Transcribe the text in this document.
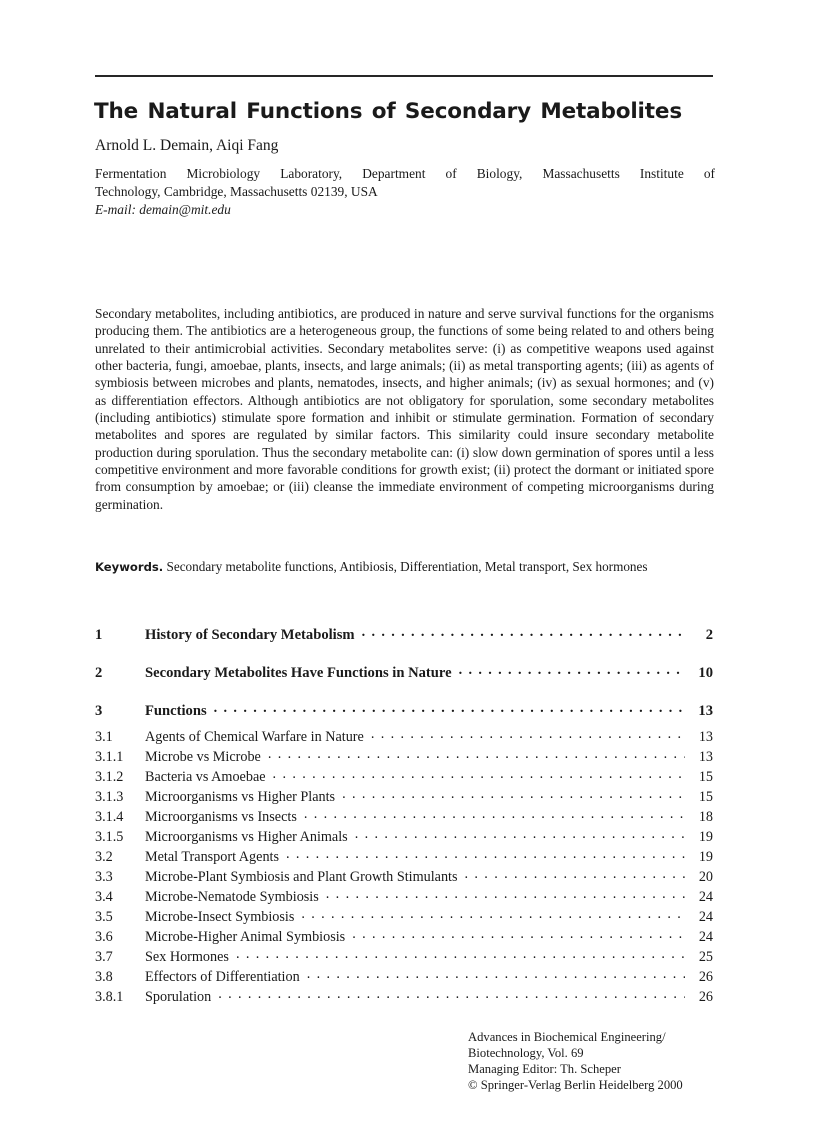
The Natural Functions of Secondary Metabolites
Arnold L. Demain, Aiqi Fang
Fermentation Microbiology Laboratory, Department of Biology, Massachusetts Institute of
Technology, Cambridge, Massachusetts 02139, USA
E-mail: demain@mit.edu
Secondary metabolites, including antibiotics, are produced in nature and serve survival functions for the organisms producing them. The antibiotics are a heterogeneous group, the functions of some being related to and others being unrelated to their antimicrobial activities. Secondary metabolites serve: (i) as competitive weapons used against other bacteria, fungi, amoebae, plants, insects, and large animals; (ii) as metal transporting agents; (iii) as agents of symbiosis between microbes and plants, nematodes, insects, and higher animals; (iv) as sexual hormones; and (v) as differentiation effectors. Although antibiotics are not obligatory for sporulation, some secondary metabolites (including antibiotics) stimulate spore formation and inhibit or stimulate germination. Formation of secondary metabolites and spores are regulated by similar factors. This similarity could insure secondary metabolite production during sporulation. Thus the secondary metabolite can: (i) slow down germination of spores until a less competitive environment and more favorable conditions for growth exist; (ii) protect the dormant or initiated spore from consumption by amoebae; or (iii) cleanse the immediate environment of competing microorganisms during germination.
Keywords. Secondary metabolite functions, Antibiosis, Differentiation, Metal transport, Sex hormones
1	History of Secondary Metabolism . . .	2
2	Secondary Metabolites Have Functions in Nature . . .	10
3	Functions . . .	13
3.1	Agents of Chemical Warfare in Nature . . .	13
3.1.1	Microbe vs Microbe . . .	13
3.1.2	Bacteria vs Amoebae . . .	15
3.1.3	Microorganisms vs Higher Plants . . .	15
3.1.4	Microorganisms vs Insects . . .	18
3.1.5	Microorganisms vs Higher Animals . . .	19
3.2	Metal Transport Agents . . .	19
3.3	Microbe-Plant Symbiosis and Plant Growth Stimulants . . .	20
3.4	Microbe-Nematode Symbiosis . . .	24
3.5	Microbe-Insect Symbiosis . . .	24
3.6	Microbe-Higher Animal Symbiosis . . .	24
3.7	Sex Hormones . . .	25
3.8	Effectors of Differentiation . . .	26
3.8.1	Sporulation . . .	26
Advances in Biochemical Engineering/
Biotechnology, Vol. 69
Managing Editor: Th. Scheper
© Springer-Verlag Berlin Heidelberg 2000
